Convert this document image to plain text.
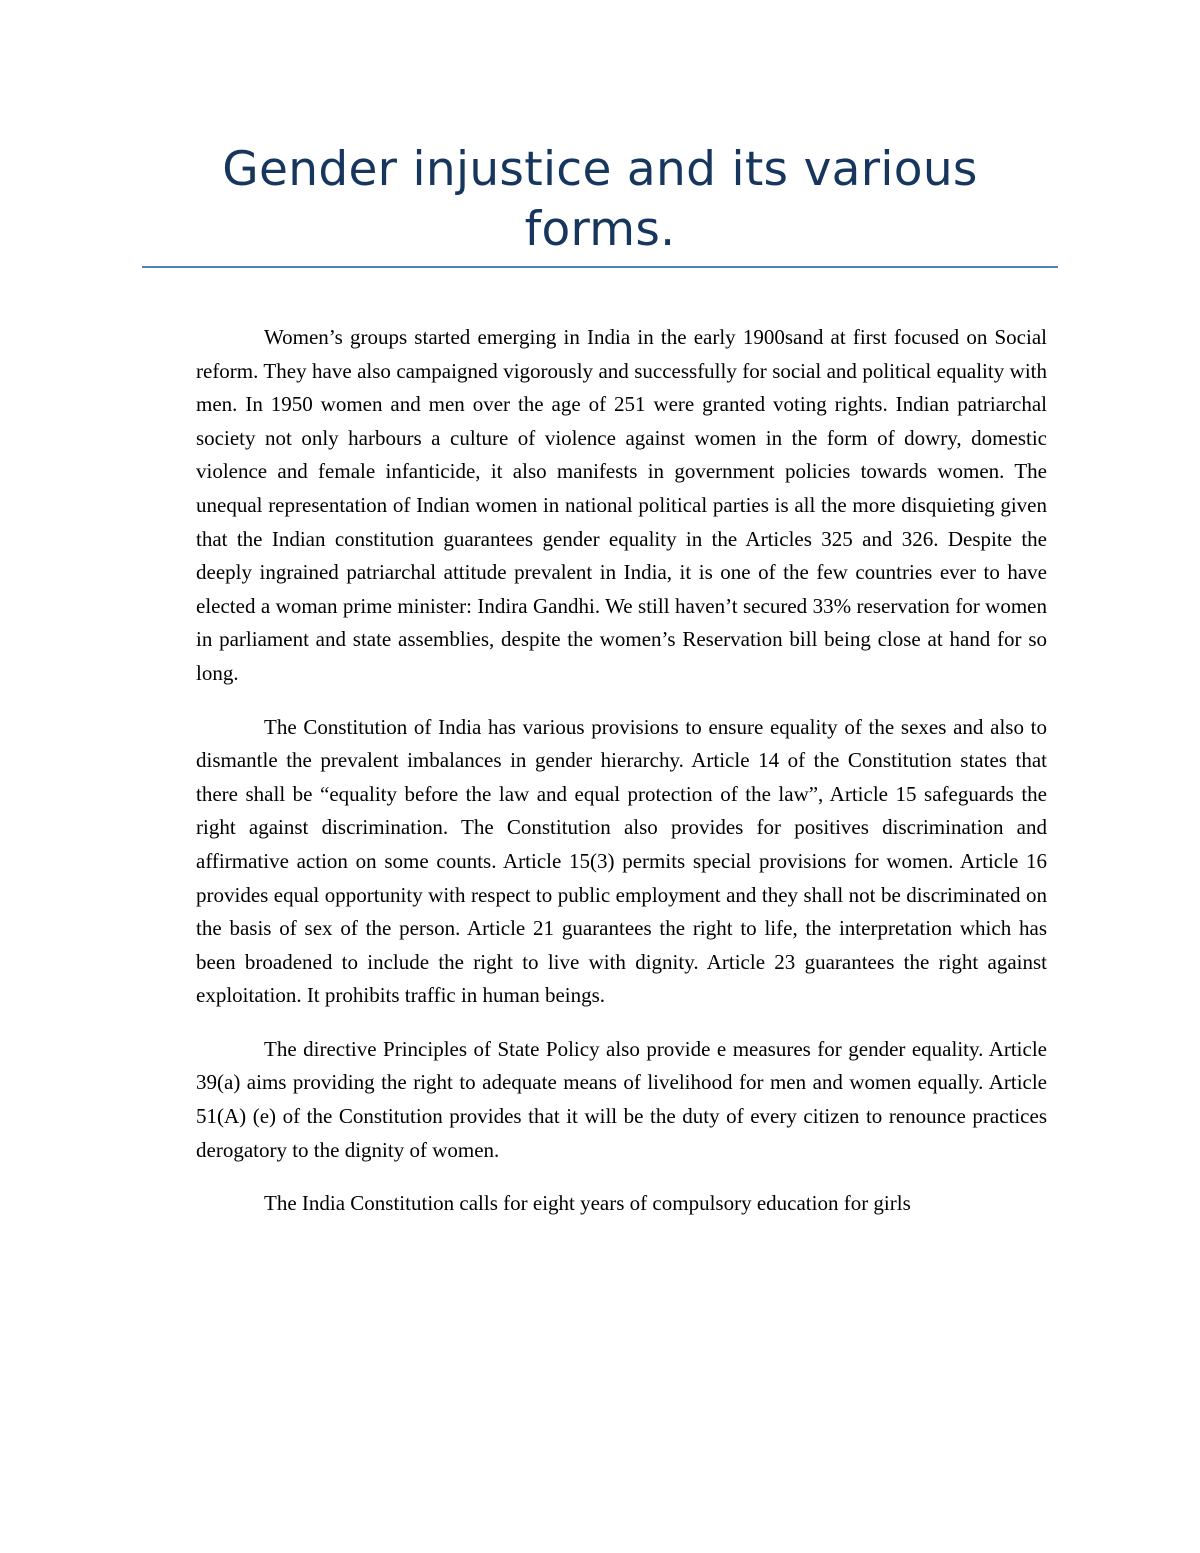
Gender injustice and its various forms.

Women’s groups started emerging in India in the early 1900sand at first focused on Social reform. They have also campaigned vigorously and successfully for social and political equality with men. In 1950 women and men over the age of 251 were granted voting rights. Indian patriarchal society not only harbours a culture of violence against women in the form of dowry, domestic violence and female infanticide, it also manifests in government policies towards women. The unequal representation of Indian women in national political parties is all the more disquieting given that the Indian constitution guarantees gender equality in the Articles 325 and 326. Despite the deeply ingrained patriarchal attitude prevalent in India, it is one of the few countries ever to have elected a woman prime minister: Indira Gandhi. We still haven’t secured 33% reservation for women in parliament and state assemblies, despite the women’s Reservation bill being close at hand for so long.

The Constitution of India has various provisions to ensure equality of the sexes and also to dismantle the prevalent imbalances in gender hierarchy. Article 14 of the Constitution states that there shall be “equality before the law and equal protection of the law”, Article 15 safeguards the right against discrimination. The Constitution also provides for positives discrimination and affirmative action on some counts. Article 15(3) permits special provisions for women. Article 16 provides equal opportunity with respect to public employment and they shall not be discriminated on the basis of sex of the person. Article 21 guarantees the right to life, the interpretation which has been broadened to include the right to live with dignity. Article 23 guarantees the right against exploitation. It prohibits traffic in human beings.

The directive Principles of State Policy also provide e measures for gender equality. Article 39(a) aims providing the right to adequate means of livelihood for men and women equally. Article 51(A) (e) of the Constitution provides that it will be the duty of every citizen to renounce practices derogatory to the dignity of women.

The India Constitution calls for eight years of compulsory education for girls
